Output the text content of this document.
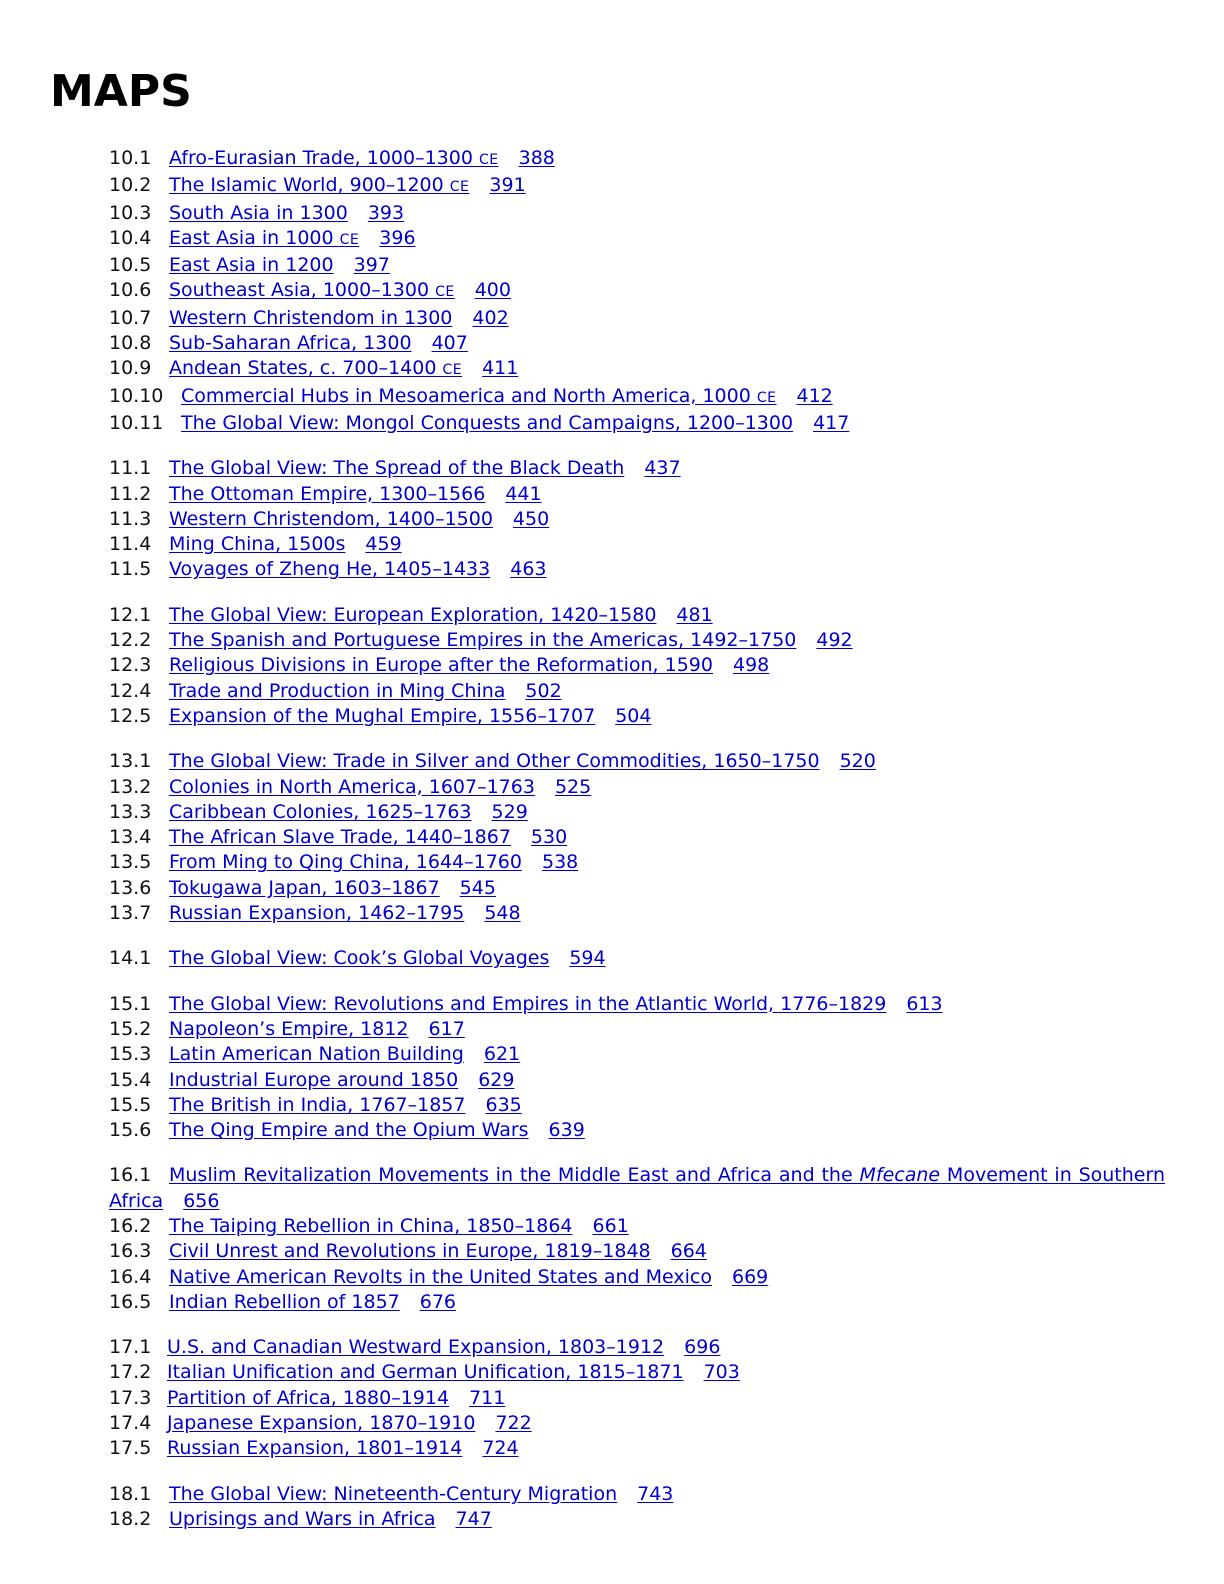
MAPS
10.1 Afro-Eurasian Trade, 1000–1300 CE 388
10.2 The Islamic World, 900–1200 CE 391
10.3 South Asia in 1300 393
10.4 East Asia in 1000 CE 396
10.5 East Asia in 1200 397
10.6 Southeast Asia, 1000–1300 CE 400
10.7 Western Christendom in 1300 402
10.8 Sub-Saharan Africa, 1300 407
10.9 Andean States, c. 700–1400 CE 411
10.10 Commercial Hubs in Mesoamerica and North America, 1000 CE 412
10.11 The Global View: Mongol Conquests and Campaigns, 1200–1300 417
11.1 The Global View: The Spread of the Black Death 437
11.2 The Ottoman Empire, 1300–1566 441
11.3 Western Christendom, 1400–1500 450
11.4 Ming China, 1500s 459
11.5 Voyages of Zheng He, 1405–1433 463
12.1 The Global View: European Exploration, 1420–1580 481
12.2 The Spanish and Portuguese Empires in the Americas, 1492–1750 492
12.3 Religious Divisions in Europe after the Reformation, 1590 498
12.4 Trade and Production in Ming China 502
12.5 Expansion of the Mughal Empire, 1556–1707 504
13.1 The Global View: Trade in Silver and Other Commodities, 1650–1750 520
13.2 Colonies in North America, 1607–1763 525
13.3 Caribbean Colonies, 1625–1763 529
13.4 The African Slave Trade, 1440–1867 530
13.5 From Ming to Qing China, 1644–1760 538
13.6 Tokugawa Japan, 1603–1867 545
13.7 Russian Expansion, 1462–1795 548
14.1 The Global View: Cook’s Global Voyages 594
15.1 The Global View: Revolutions and Empires in the Atlantic World, 1776–1829 613
15.2 Napoleon’s Empire, 1812 617
15.3 Latin American Nation Building 621
15.4 Industrial Europe around 1850 629
15.5 The British in India, 1767–1857 635
15.6 The Qing Empire and the Opium Wars 639
16.1 Muslim Revitalization Movements in the Middle East and Africa and the Mfecane Movement in Southern Africa 656
16.2 The Taiping Rebellion in China, 1850–1864 661
16.3 Civil Unrest and Revolutions in Europe, 1819–1848 664
16.4 Native American Revolts in the United States and Mexico 669
16.5 Indian Rebellion of 1857 676
17.1 U.S. and Canadian Westward Expansion, 1803–1912 696
17.2 Italian Unification and German Unification, 1815–1871 703
17.3 Partition of Africa, 1880–1914 711
17.4 Japanese Expansion, 1870–1910 722
17.5 Russian Expansion, 1801–1914 724
18.1 The Global View: Nineteenth-Century Migration 743
18.2 Uprisings and Wars in Africa 747
